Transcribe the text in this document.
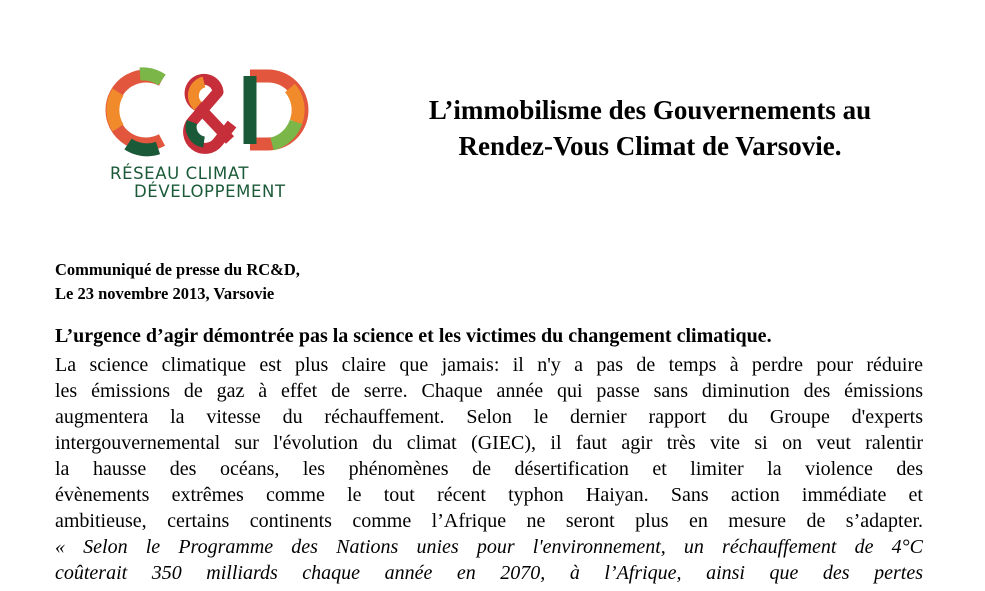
RÉSEAU CLIMAT
DÉVELOPPEMENT
L’immobilisme des Gouvernements au
Rendez-Vous Climat de Varsovie.
Communiqué de presse du RC&D,
Le 23 novembre 2013, Varsovie
L’urgence d’agir démontrée pas la science et les victimes du changement climatique.
La science climatique est plus claire que jamais: il n'y a pas de temps à perdre pour réduire
les émissions de gaz à effet de serre. Chaque année qui passe sans diminution des émissions
augmentera la vitesse du réchauffement. Selon le dernier rapport du Groupe d'experts
intergouvernemental sur l'évolution du climat (GIEC), il faut agir très vite si on veut ralentir
la hausse des océans, les phénomènes de désertification et limiter la violence des
évènements extrêmes comme le tout récent typhon Haiyan. Sans action immédiate et
ambitieuse, certains continents comme l’Afrique ne seront plus en mesure de s’adapter.
« Selon le Programme des Nations unies pour l'environnement, un réchauffement de 4°C
coûterait 350 milliards chaque année en 2070, à l’Afrique, ainsi que des pertes
